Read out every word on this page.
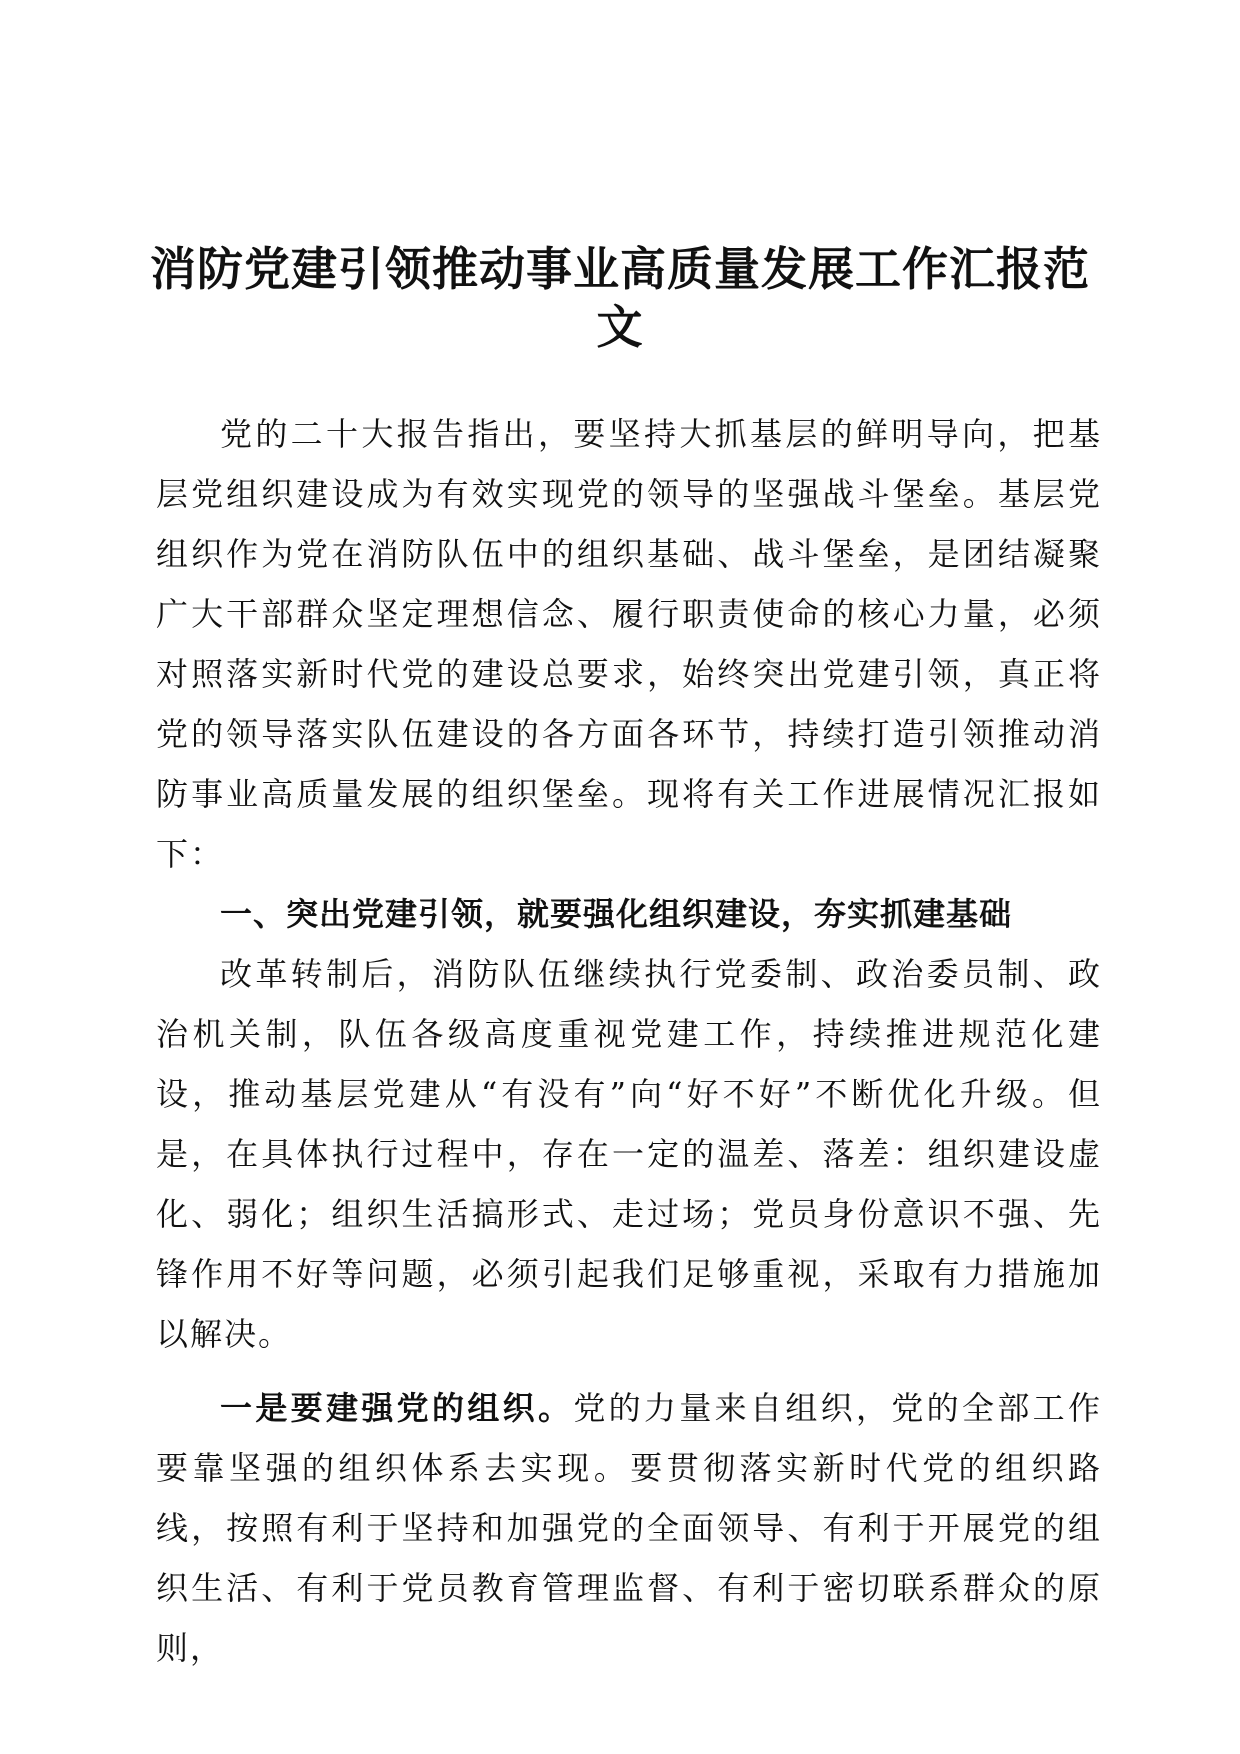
消防党建引领推动事业高质量发展工作汇报范文

党的二十大报告指出，要坚持大抓基层的鲜明导向，把基层党组织建设成为有效实现党的领导的坚强战斗堡垒。基层党组织作为党在消防队伍中的组织基础、战斗堡垒，是团结凝聚广大干部群众坚定理想信念、履行职责使命的核心力量，必须对照落实新时代党的建设总要求，始终突出党建引领，真正将党的领导落实队伍建设的各方面各环节，持续打造引领推动消防事业高质量发展的组织堡垒。现将有关工作进展情况汇报如下：

一、突出党建引领，就要强化组织建设，夯实抓建基础

改革转制后，消防队伍继续执行党委制、政治委员制、政治机关制，队伍各级高度重视党建工作，持续推进规范化建设，推动基层党建从“有没有”向“好不好”不断优化升级。但是，在具体执行过程中，存在一定的温差、落差：组织建设虚化、弱化；组织生活搞形式、走过场；党员身份意识不强、先锋作用不好等问题，必须引起我们足够重视，采取有力措施加以解决。

一是要建强党的组织。党的力量来自组织，党的全部工作要靠坚强的组织体系去实现。要贯彻落实新时代党的组织路线，按照有利于坚持和加强党的全面领导、有利于开展党的组织生活、有利于党员教育管理监督、有利于密切联系群众的原则，
